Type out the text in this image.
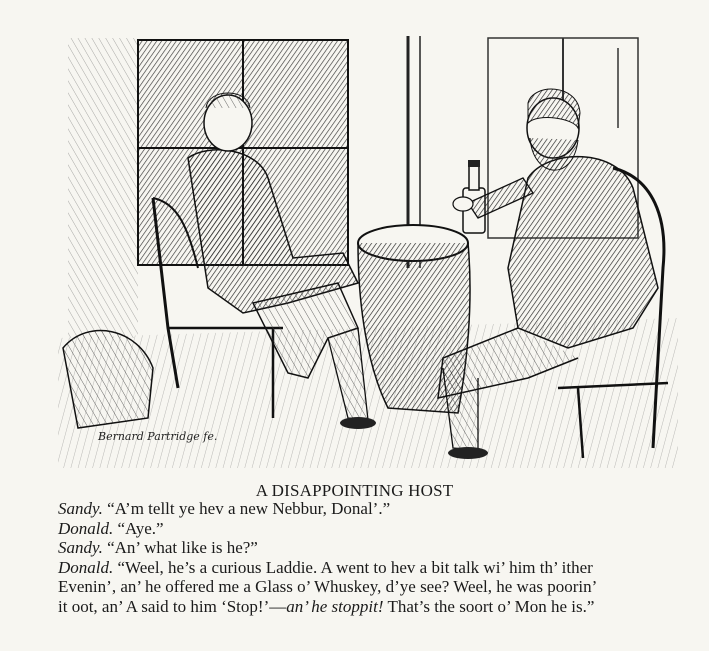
Bernard Partridge fe.
A DISAPPOINTING HOST
Sandy. “A’m tellt ye hev a new Nebbur, Donal’.”
Donald. “Aye.”
Sandy. “An’ what like is he?”
Donald. “Weel, he’s a curious Laddie. A went to hev a bit talk wi’ him th’ ither
Evenin’, an’ he offered me a Glass o’ Whuskey, d’ye see? Weel, he was poorin’
it oot, an’ A said to him ‘Stop!’—an’ he stoppit! That’s the soort o’ Mon he is.”
